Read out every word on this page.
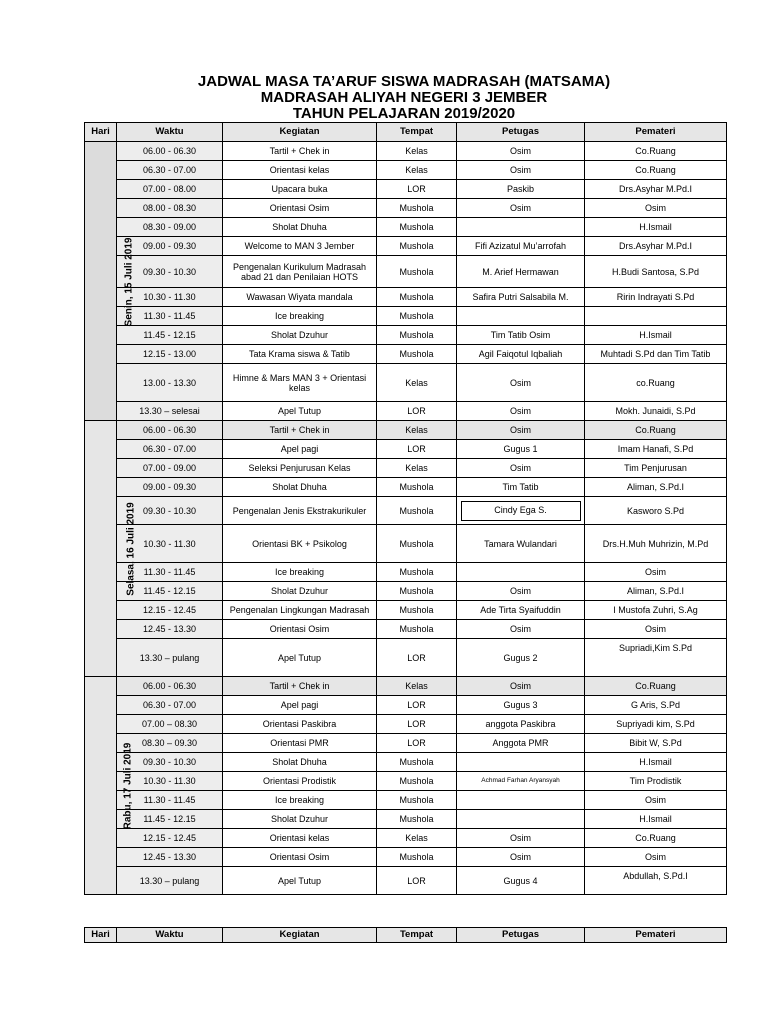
JADWAL MASA TA’ARUF SISWA MADRASAH (MATSAMA)
MADRASAH ALIYAH NEGERI 3 JEMBER
TAHUN PELAJARAN 2019/2020
Hari	Waktu	Kegiatan	Tempat	Petugas	Pemateri
Senin, 15 Juli 2019	06.00 - 06.30	Tartil + Chek in	Kelas	Osim	Co.Ruang
	06.30 - 07.00	Orientasi kelas	Kelas	Osim	Co.Ruang
	07.00 - 08.00	Upacara buka	LOR	Paskib	Drs.Asyhar M.Pd.I
	08.00 - 08.30	Orientasi Osim	Mushola	Osim	Osim
	08.30 - 09.00	Sholat Dhuha	Mushola		H.Ismail
	09.00 - 09.30	Welcome to MAN 3 Jember	Mushola	Fifi Azizatul Mu’arrofah	Drs.Asyhar M.Pd.I
	09.30 - 10.30	Pengenalan Kurikulum Madrasah abad 21 dan Penilaian HOTS	Mushola	M. Arief Hermawan	H.Budi Santosa, S.Pd
	10.30 - 11.30	Wawasan Wiyata mandala	Mushola	Safira Putri Salsabila M.	Ririn Indrayati S.Pd
	11.30 - 11.45	Ice breaking	Mushola		
	11.45 - 12.15	Sholat Dzuhur	Mushola	Tim Tatib Osim	H.Ismail
	12.15 - 13.00	Tata Krama siswa & Tatib	Mushola	Agil Faiqotul Iqbaliah	Muhtadi S.Pd dan Tim Tatib
	13.00 - 13.30	Himne & Mars MAN 3 + Orientasi kelas	Kelas	Osim	co.Ruang
	13.30 – selesai	Apel Tutup	LOR	Osim	Mokh. Junaidi, S.Pd
Selasa, 16 Juli 2019	06.00 - 06.30	Tartil + Chek in	Kelas	Osim	Co.Ruang
	06.30 - 07.00	Apel pagi	LOR	Gugus 1	Imam Hanafi, S.Pd
	07.00 - 09.00	Seleksi Penjurusan Kelas	Kelas	Osim	Tim Penjurusan
	09.00 - 09.30	Sholat Dhuha	Mushola	Tim Tatib	Aliman, S.Pd.I
	09.30 - 10.30	Pengenalan Jenis Ekstrakurikuler	Mushola	Cindy Ega S.	Kasworo S.Pd
	10.30 - 11.30	Orientasi BK + Psikolog	Mushola	Tamara Wulandari	Drs.H.Muh Muhrizin, M.Pd
	11.30 - 11.45	Ice breaking	Mushola		Osim
	11.45 - 12.15	Sholat Dzuhur	Mushola	Osim	Aliman, S.Pd.I
	12.15 - 12.45	Pengenalan Lingkungan Madrasah	Mushola	Ade Tirta Syaifuddin	I Mustofa Zuhri, S.Ag
	12.45 - 13.30	Orientasi Osim	Mushola	Osim	Osim
	13.30 – pulang	Apel Tutup	LOR	Gugus 2	Supriadi,Kim S.Pd
Rabu, 17 Juli 2019	06.00 - 06.30	Tartil + Chek in	Kelas	Osim	Co.Ruang
	06.30 - 07.00	Apel pagi	LOR	Gugus 3	G Aris, S.Pd
	07.00 – 08.30	Orientasi Paskibra	LOR	anggota Paskibra	Supriyadi kim, S.Pd
	08.30 – 09.30	Orientasi PMR	LOR	Anggota PMR	Bibit W, S.Pd
	09.30 - 10.30	Sholat Dhuha	Mushola		H.Ismail
	10.30 - 11.30	Orientasi Prodistik	Mushola	Achmad Farhan Aryansyah	Tim Prodistik
	11.30 - 11.45	Ice breaking	Mushola		Osim
	11.45 - 12.15	Sholat Dzuhur	Mushola		H.Ismail
	12.15 - 12.45	Orientasi kelas	Kelas	Osim	Co.Ruang
	12.45 - 13.30	Orientasi Osim	Mushola	Osim	Osim
	13.30 – pulang	Apel Tutup	LOR	Gugus 4	Abdullah, S.Pd.I
Hari	Waktu	Kegiatan	Tempat	Petugas	Pemateri
